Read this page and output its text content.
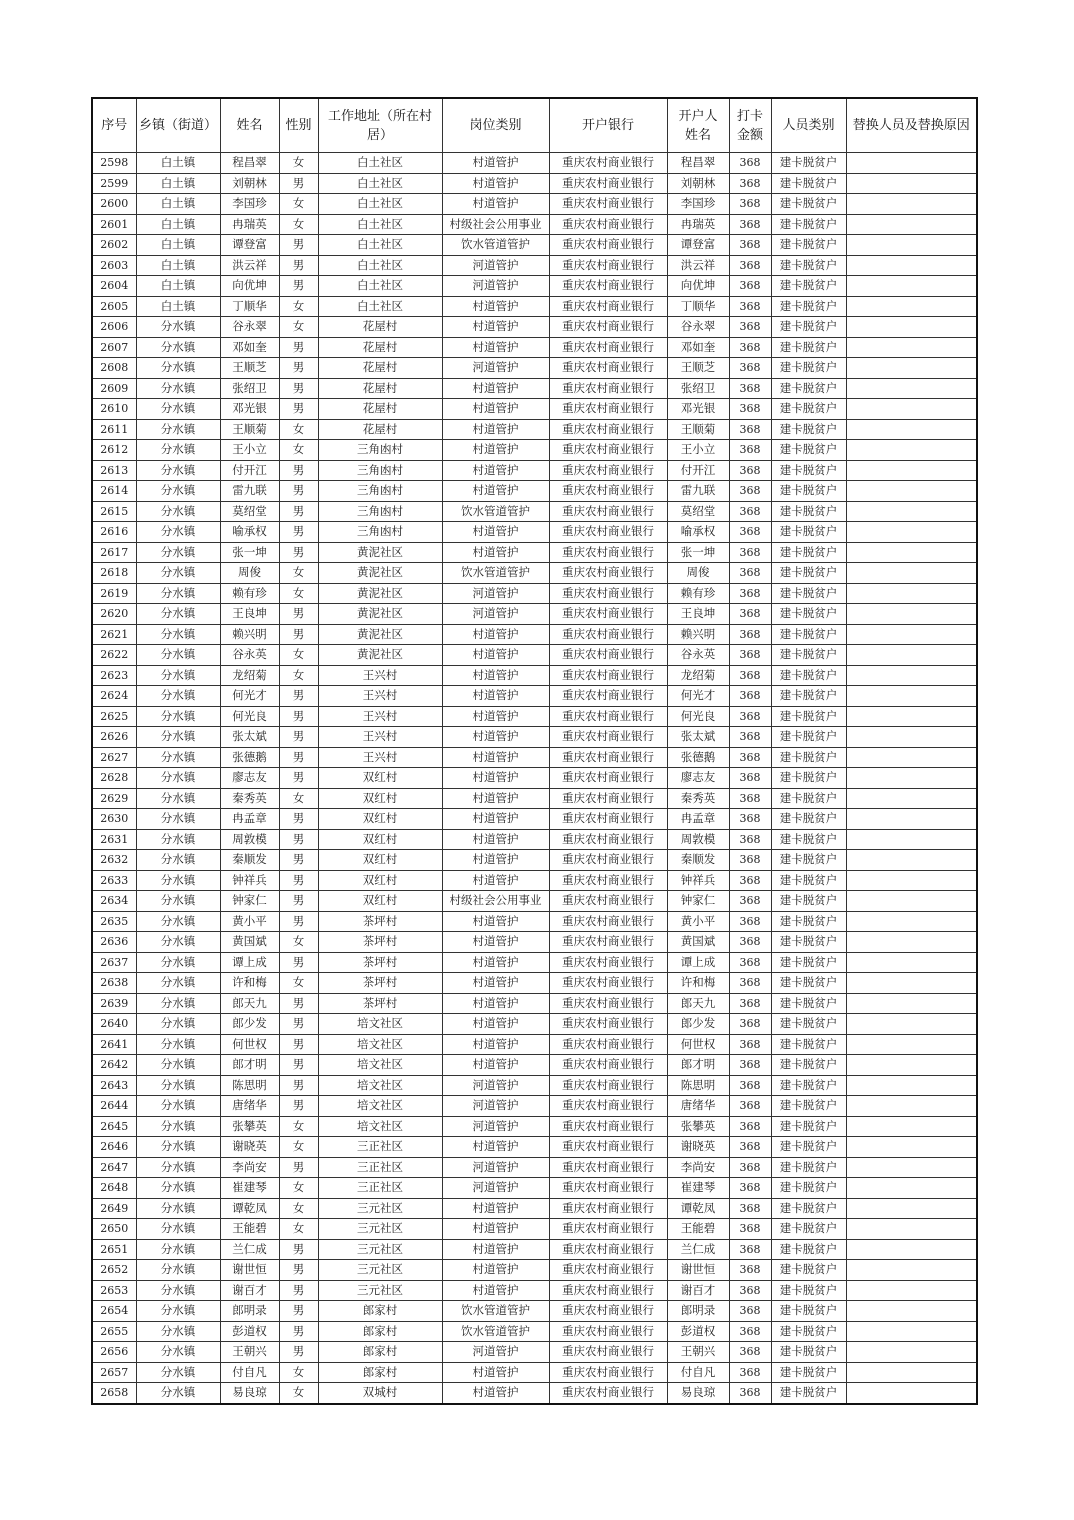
序号	乡镇（街道）	姓名	性别	工作地址（所在村居）	岗位类别	开户银行	开户人姓名	打卡金额	人员类别	替换人员及替换原因
2598	白土镇	程昌翠	女	白土社区	村道管护	重庆农村商业银行	程昌翠	368	建卡脱贫户	
2599	白土镇	刘朝林	男	白土社区	村道管护	重庆农村商业银行	刘朝林	368	建卡脱贫户	
2600	白土镇	李国珍	女	白土社区	村道管护	重庆农村商业银行	李国珍	368	建卡脱贫户	
2601	白土镇	冉瑞英	女	白土社区	村级社会公用事业	重庆农村商业银行	冉瑞英	368	建卡脱贫户	
2602	白土镇	谭登富	男	白土社区	饮水管道管护	重庆农村商业银行	谭登富	368	建卡脱贫户	
2603	白土镇	洪云祥	男	白土社区	河道管护	重庆农村商业银行	洪云祥	368	建卡脱贫户	
2604	白土镇	向优坤	男	白土社区	河道管护	重庆农村商业银行	向优坤	368	建卡脱贫户	
2605	白土镇	丁顺华	女	白土社区	村道管护	重庆农村商业银行	丁顺华	368	建卡脱贫户	
2606	分水镇	谷永翠	女	花屋村	村道管护	重庆农村商业银行	谷永翠	368	建卡脱贫户	
2607	分水镇	邓如奎	男	花屋村	村道管护	重庆农村商业银行	邓如奎	368	建卡脱贫户	
2608	分水镇	王顺芝	男	花屋村	河道管护	重庆农村商业银行	王顺芝	368	建卡脱贫户	
2609	分水镇	张绍卫	男	花屋村	村道管护	重庆农村商业银行	张绍卫	368	建卡脱贫户	
2610	分水镇	邓光银	男	花屋村	村道管护	重庆农村商业银行	邓光银	368	建卡脱贫户	
2611	分水镇	王顺菊	女	花屋村	村道管护	重庆农村商业银行	王顺菊	368	建卡脱贫户	
2612	分水镇	王小立	女	三角凼村	村道管护	重庆农村商业银行	王小立	368	建卡脱贫户	
2613	分水镇	付开江	男	三角凼村	村道管护	重庆农村商业银行	付开江	368	建卡脱贫户	
2614	分水镇	雷九联	男	三角凼村	村道管护	重庆农村商业银行	雷九联	368	建卡脱贫户	
2615	分水镇	莫绍堂	男	三角凼村	饮水管道管护	重庆农村商业银行	莫绍堂	368	建卡脱贫户	
2616	分水镇	喻承权	男	三角凼村	村道管护	重庆农村商业银行	喻承权	368	建卡脱贫户	
2617	分水镇	张一坤	男	黄泥社区	村道管护	重庆农村商业银行	张一坤	368	建卡脱贫户	
2618	分水镇	周俊	女	黄泥社区	饮水管道管护	重庆农村商业银行	周俊	368	建卡脱贫户	
2619	分水镇	赖有珍	女	黄泥社区	河道管护	重庆农村商业银行	赖有珍	368	建卡脱贫户	
2620	分水镇	王良坤	男	黄泥社区	河道管护	重庆农村商业银行	王良坤	368	建卡脱贫户	
2621	分水镇	赖兴明	男	黄泥社区	村道管护	重庆农村商业银行	赖兴明	368	建卡脱贫户	
2622	分水镇	谷永英	女	黄泥社区	村道管护	重庆农村商业银行	谷永英	368	建卡脱贫户	
2623	分水镇	龙绍菊	女	王兴村	村道管护	重庆农村商业银行	龙绍菊	368	建卡脱贫户	
2624	分水镇	何光才	男	王兴村	村道管护	重庆农村商业银行	何光才	368	建卡脱贫户	
2625	分水镇	何光良	男	王兴村	村道管护	重庆农村商业银行	何光良	368	建卡脱贫户	
2626	分水镇	张太斌	男	王兴村	村道管护	重庆农村商业银行	张太斌	368	建卡脱贫户	
2627	分水镇	张德鹅	男	王兴村	村道管护	重庆农村商业银行	张德鹅	368	建卡脱贫户	
2628	分水镇	廖志友	男	双红村	村道管护	重庆农村商业银行	廖志友	368	建卡脱贫户	
2629	分水镇	秦秀英	女	双红村	村道管护	重庆农村商业银行	秦秀英	368	建卡脱贫户	
2630	分水镇	冉孟章	男	双红村	村道管护	重庆农村商业银行	冉孟章	368	建卡脱贫户	
2631	分水镇	周敦模	男	双红村	村道管护	重庆农村商业银行	周敦模	368	建卡脱贫户	
2632	分水镇	秦顺发	男	双红村	村道管护	重庆农村商业银行	秦顺发	368	建卡脱贫户	
2633	分水镇	钟祥兵	男	双红村	村道管护	重庆农村商业银行	钟祥兵	368	建卡脱贫户	
2634	分水镇	钟家仁	男	双红村	村级社会公用事业	重庆农村商业银行	钟家仁	368	建卡脱贫户	
2635	分水镇	黄小平	男	茶坪村	村道管护	重庆农村商业银行	黄小平	368	建卡脱贫户	
2636	分水镇	黄国斌	女	茶坪村	村道管护	重庆农村商业银行	黄国斌	368	建卡脱贫户	
2637	分水镇	谭上成	男	茶坪村	村道管护	重庆农村商业银行	谭上成	368	建卡脱贫户	
2638	分水镇	许和梅	女	茶坪村	村道管护	重庆农村商业银行	许和梅	368	建卡脱贫户	
2639	分水镇	郎天九	男	茶坪村	村道管护	重庆农村商业银行	郎天九	368	建卡脱贫户	
2640	分水镇	郎少发	男	培文社区	村道管护	重庆农村商业银行	郎少发	368	建卡脱贫户	
2641	分水镇	何世权	男	培文社区	村道管护	重庆农村商业银行	何世权	368	建卡脱贫户	
2642	分水镇	郎才明	男	培文社区	村道管护	重庆农村商业银行	郎才明	368	建卡脱贫户	
2643	分水镇	陈思明	男	培文社区	河道管护	重庆农村商业银行	陈思明	368	建卡脱贫户	
2644	分水镇	唐绪华	男	培文社区	河道管护	重庆农村商业银行	唐绪华	368	建卡脱贫户	
2645	分水镇	张攀英	女	培文社区	河道管护	重庆农村商业银行	张攀英	368	建卡脱贫户	
2646	分水镇	谢晓英	女	三正社区	村道管护	重庆农村商业银行	谢晓英	368	建卡脱贫户	
2647	分水镇	李尚安	男	三正社区	河道管护	重庆农村商业银行	李尚安	368	建卡脱贫户	
2648	分水镇	崔建琴	女	三正社区	河道管护	重庆农村商业银行	崔建琴	368	建卡脱贫户	
2649	分水镇	谭乾凤	女	三元社区	村道管护	重庆农村商业银行	谭乾凤	368	建卡脱贫户	
2650	分水镇	王能碧	女	三元社区	村道管护	重庆农村商业银行	王能碧	368	建卡脱贫户	
2651	分水镇	兰仁成	男	三元社区	村道管护	重庆农村商业银行	兰仁成	368	建卡脱贫户	
2652	分水镇	谢世恒	男	三元社区	村道管护	重庆农村商业银行	谢世恒	368	建卡脱贫户	
2653	分水镇	谢百才	男	三元社区	村道管护	重庆农村商业银行	谢百才	368	建卡脱贫户	
2654	分水镇	郎明录	男	郎家村	饮水管道管护	重庆农村商业银行	郎明录	368	建卡脱贫户	
2655	分水镇	彭道权	男	郎家村	饮水管道管护	重庆农村商业银行	彭道权	368	建卡脱贫户	
2656	分水镇	王朝兴	男	郎家村	河道管护	重庆农村商业银行	王朝兴	368	建卡脱贫户	
2657	分水镇	付自凡	女	郎家村	村道管护	重庆农村商业银行	付自凡	368	建卡脱贫户	
2658	分水镇	易良琼	女	双城村	村道管护	重庆农村商业银行	易良琼	368	建卡脱贫户	
